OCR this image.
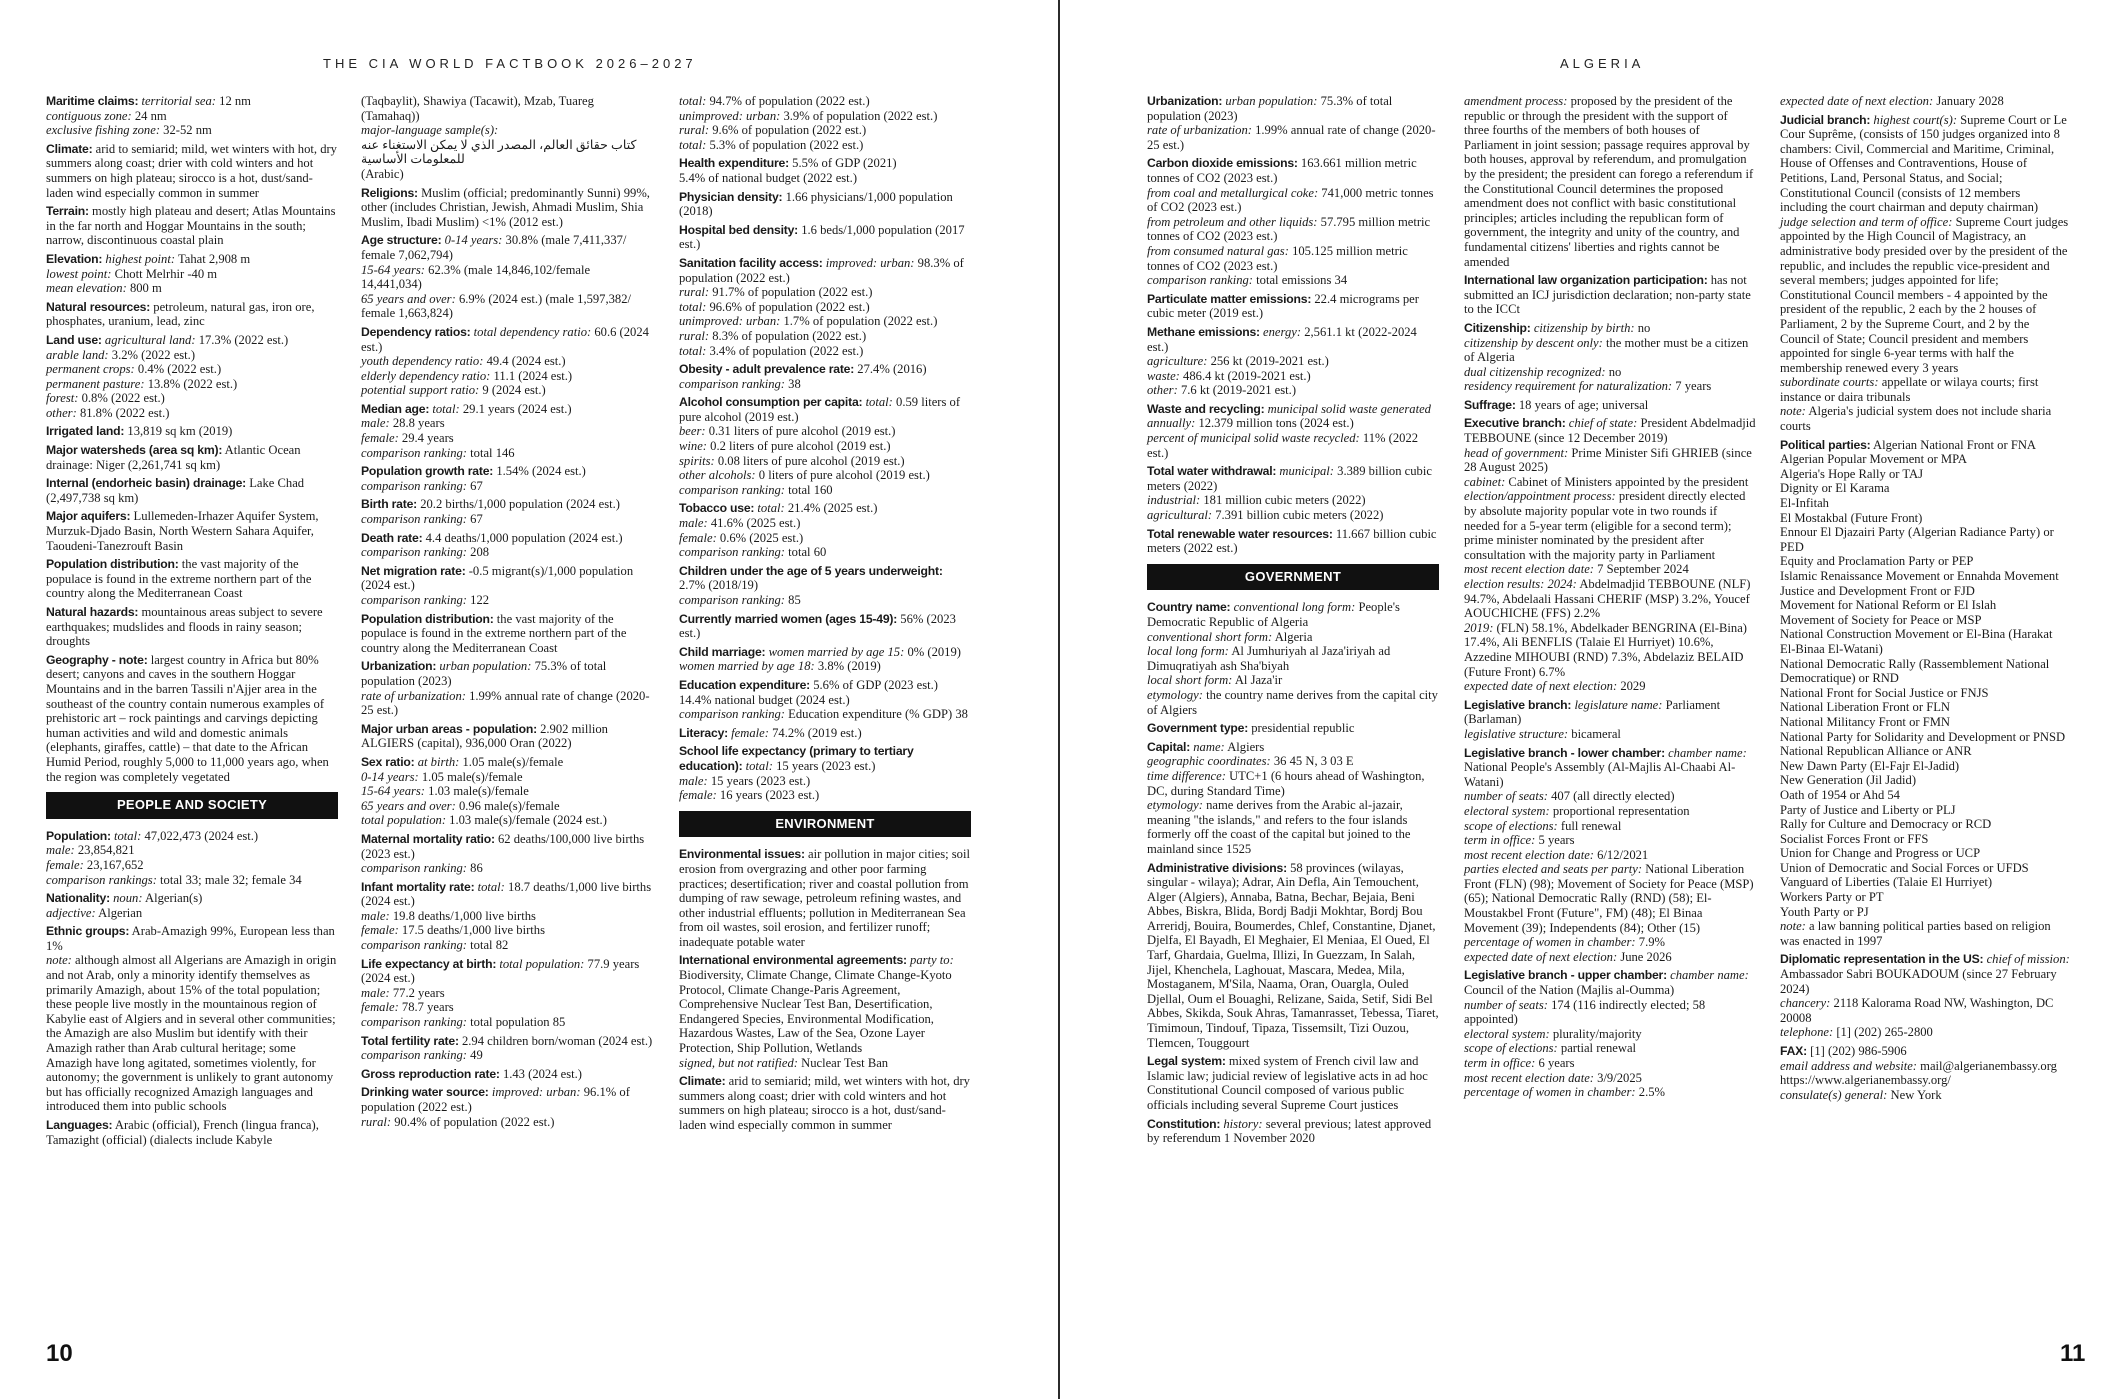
THE CIA WORLD FACTBOOK 2026–2027
Maritime claims: territorial sea: 12 nm
contiguous zone: 24 nm
exclusive fishing zone: 32-52 nm
Climate: arid to semiarid; mild, wet winters with hot, dry summers along coast; drier with cold winters and hot summers on high plateau; sirocco is a hot, dust/sand-laden wind especially common in summer
Terrain: mostly high plateau and desert; Atlas Mountains in the far north and Hoggar Mountains in the south; narrow, discontinuous coastal plain
Elevation: highest point: Tahat 2,908 m
lowest point: Chott Melrhir -40 m
mean elevation: 800 m
Natural resources: petroleum, natural gas, iron ore, phosphates, uranium, lead, zinc
Land use: agricultural land: 17.3% (2022 est.)
arable land: 3.2% (2022 est.)
permanent crops: 0.4% (2022 est.)
permanent pasture: 13.8% (2022 est.)
forest: 0.8% (2022 est.)
other: 81.8% (2022 est.)
Irrigated land: 13,819 sq km (2019)
Major watersheds (area sq km): Atlantic Ocean drainage: Niger (2,261,741 sq km)
Internal (endorheic basin) drainage: Lake Chad (2,497,738 sq km)
Major aquifers: Lullemeden-Irhazer Aquifer System, Murzuk-Djado Basin, North Western Sahara Aquifer, Taoudeni-Tanezrouft Basin
Population distribution: the vast majority of the populace is found in the extreme northern part of the country along the Mediterranean Coast
Natural hazards: mountainous areas subject to severe earthquakes; mudslides and floods in rainy season; droughts
Geography - note: largest country in Africa but 80% desert; canyons and caves in the southern Hoggar Mountains and in the barren Tassili n'Ajjer area in the southeast of the country contain numerous examples of prehistoric art – rock paintings and carvings depicting human activities and wild and domestic animals (elephants, giraffes, cattle) – that date to the African Humid Period, roughly 5,000 to 11,000 years ago, when the region was completely vegetated
PEOPLE AND SOCIETY
Population: total: 47,022,473 (2024 est.)
male: 23,854,821
female: 23,167,652
comparison rankings: total 33; male 32; female 34
Nationality: noun: Algerian(s)
adjective: Algerian
Ethnic groups: Arab-Amazigh 99%, European less than 1%
note: although almost all Algerians are Amazigh in origin and not Arab, only a minority identify themselves as primarily Amazigh, about 15% of the total population; these people live mostly in the mountainous region of Kabylie east of Algiers and in several other communities; the Amazigh are also Muslim but identify with their Amazigh rather than Arab cultural heritage; some Amazigh have long agitated, sometimes violently, for autonomy; the government is unlikely to grant autonomy but has officially recognized Amazigh languages and introduced them into public schools
Languages: Arabic (official), French (lingua franca), Tamazight (official) (dialects include Kabyle
(Taqbaylit), Shawiya (Tacawit), Mzab, Tuareg (Tamahaq))
major-language sample(s):
كتاب حقائق العالم، المصدر الذي لا يمكن الاستغناء عنه للمعلومات الأساسية
(Arabic)
Religions: Muslim (official; predominantly Sunni) 99%, other (includes Christian, Jewish, Ahmadi Muslim, Shia Muslim, Ibadi Muslim) <1% (2012 est.)
Age structure: 0-14 years: 30.8% (male 7,411,337/ female 7,062,794)
15-64 years: 62.3% (male 14,846,102/female 14,441,034)
65 years and over: 6.9% (2024 est.) (male 1,597,382/ female 1,663,824)
Dependency ratios: total dependency ratio: 60.6 (2024 est.)
youth dependency ratio: 49.4 (2024 est.)
elderly dependency ratio: 11.1 (2024 est.)
potential support ratio: 9 (2024 est.)
Median age: total: 29.1 years (2024 est.)
male: 28.8 years
female: 29.4 years
comparison ranking: total 146
Population growth rate: 1.54% (2024 est.)
comparison ranking: 67
Birth rate: 20.2 births/1,000 population (2024 est.)
comparison ranking: 67
Death rate: 4.4 deaths/1,000 population (2024 est.)
comparison ranking: 208
Net migration rate: -0.5 migrant(s)/1,000 population (2024 est.)
comparison ranking: 122
Population distribution: the vast majority of the populace is found in the extreme northern part of the country along the Mediterranean Coast
Urbanization: urban population: 75.3% of total population (2023)
rate of urbanization: 1.99% annual rate of change (2020-25 est.)
Major urban areas - population: 2.902 million ALGIERS (capital), 936,000 Oran (2022)
Sex ratio: at birth: 1.05 male(s)/female
0-14 years: 1.05 male(s)/female
15-64 years: 1.03 male(s)/female
65 years and over: 0.96 male(s)/female
total population: 1.03 male(s)/female (2024 est.)
Maternal mortality ratio: 62 deaths/100,000 live births (2023 est.)
comparison ranking: 86
Infant mortality rate: total: 18.7 deaths/1,000 live births (2024 est.)
male: 19.8 deaths/1,000 live births
female: 17.5 deaths/1,000 live births
comparison ranking: total 82
Life expectancy at birth: total population: 77.9 years (2024 est.)
male: 77.2 years
female: 78.7 years
comparison ranking: total population 85
Total fertility rate: 2.94 children born/woman (2024 est.)
comparison ranking: 49
Gross reproduction rate: 1.43 (2024 est.)
Drinking water source: improved: urban: 96.1% of population (2022 est.)
rural: 90.4% of population (2022 est.)
total: 94.7% of population (2022 est.)
unimproved: urban: 3.9% of population (2022 est.)
rural: 9.6% of population (2022 est.)
total: 5.3% of population (2022 est.)
Health expenditure: 5.5% of GDP (2021)
5.4% of national budget (2022 est.)
Physician density: 1.66 physicians/1,000 population (2018)
Hospital bed density: 1.6 beds/1,000 population (2017 est.)
Sanitation facility access: improved: urban: 98.3% of population (2022 est.)
rural: 91.7% of population (2022 est.)
total: 96.6% of population (2022 est.)
unimproved: urban: 1.7% of population (2022 est.)
rural: 8.3% of population (2022 est.)
total: 3.4% of population (2022 est.)
Obesity - adult prevalence rate: 27.4% (2016)
comparison ranking: 38
Alcohol consumption per capita: total: 0.59 liters of pure alcohol (2019 est.)
beer: 0.31 liters of pure alcohol (2019 est.)
wine: 0.2 liters of pure alcohol (2019 est.)
spirits: 0.08 liters of pure alcohol (2019 est.)
other alcohols: 0 liters of pure alcohol (2019 est.)
comparison ranking: total 160
Tobacco use: total: 21.4% (2025 est.)
male: 41.6% (2025 est.)
female: 0.6% (2025 est.)
comparison ranking: total 60
Children under the age of 5 years underweight: 2.7% (2018/19)
comparison ranking: 85
Currently married women (ages 15-49): 56% (2023 est.)
Child marriage: women married by age 15: 0% (2019)
women married by age 18: 3.8% (2019)
Education expenditure: 5.6% of GDP (2023 est.)
14.4% national budget (2024 est.)
comparison ranking: Education expenditure (% GDP) 38
Literacy: female: 74.2% (2019 est.)
School life expectancy (primary to tertiary education): total: 15 years (2023 est.)
male: 15 years (2023 est.)
female: 16 years (2023 est.)
ENVIRONMENT
Environmental issues: air pollution in major cities; soil erosion from overgrazing and other poor farming practices; desertification; river and coastal pollution from dumping of raw sewage, petroleum refining wastes, and other industrial effluents; pollution in Mediterranean Sea from oil wastes, soil erosion, and fertilizer runoff; inadequate potable water
International environmental agreements: party to: Biodiversity, Climate Change, Climate Change-Kyoto Protocol, Climate Change-Paris Agreement, Comprehensive Nuclear Test Ban, Desertification, Endangered Species, Environmental Modification, Hazardous Wastes, Law of the Sea, Ozone Layer Protection, Ship Pollution, Wetlands
signed, but not ratified: Nuclear Test Ban
Climate: arid to semiarid; mild, wet winters with hot, dry summers along coast; drier with cold winters and hot summers on high plateau; sirocco is a hot, dust/sand-laden wind especially common in summer
10
ALGERIA
Urbanization: urban population: 75.3% of total population (2023)
rate of urbanization: 1.99% annual rate of change (2020-25 est.)
Carbon dioxide emissions: 163.661 million metric tonnes of CO2 (2023 est.)
from coal and metallurgical coke: 741,000 metric tonnes of CO2 (2023 est.)
from petroleum and other liquids: 57.795 million metric tonnes of CO2 (2023 est.)
from consumed natural gas: 105.125 million metric tonnes of CO2 (2023 est.)
comparison ranking: total emissions 34
Particulate matter emissions: 22.4 micrograms per cubic meter (2019 est.)
Methane emissions: energy: 2,561.1 kt (2022-2024 est.)
agriculture: 256 kt (2019-2021 est.)
waste: 486.4 kt (2019-2021 est.)
other: 7.6 kt (2019-2021 est.)
Waste and recycling: municipal solid waste generated annually: 12.379 million tons (2024 est.)
percent of municipal solid waste recycled: 11% (2022 est.)
Total water withdrawal: municipal: 3.389 billion cubic meters (2022)
industrial: 181 million cubic meters (2022)
agricultural: 7.391 billion cubic meters (2022)
Total renewable water resources: 11.667 billion cubic meters (2022 est.)
GOVERNMENT
Country name: conventional long form: People's Democratic Republic of Algeria
conventional short form: Algeria
local long form: Al Jumhuriyah al Jaza'iriyah ad Dimuqratiyah ash Sha'biyah
local short form: Al Jaza'ir
etymology: the country name derives from the capital city of Algiers
Government type: presidential republic
Capital: name: Algiers
geographic coordinates: 36 45 N, 3 03 E
time difference: UTC+1 (6 hours ahead of Washington, DC, during Standard Time)
etymology: name derives from the Arabic al-jazair, meaning "the islands," and refers to the four islands formerly off the coast of the capital but joined to the mainland since 1525
Administrative divisions: 58 provinces (wilayas, singular - wilaya); Adrar, Ain Defla, Ain Temouchent, Alger (Algiers), Annaba, Batna, Bechar, Bejaia, Beni Abbes, Biskra, Blida, Bordj Badji Mokhtar, Bordj Bou Arreridj, Bouira, Boumerdes, Chlef, Constantine, Djanet, Djelfa, El Bayadh, El Meghaier, El Meniaa, El Oued, El Tarf, Ghardaia, Guelma, Illizi, In Guezzam, In Salah, Jijel, Khenchela, Laghouat, Mascara, Medea, Mila, Mostaganem, M'Sila, Naama, Oran, Ouargla, Ouled Djellal, Oum el Bouaghi, Relizane, Saida, Setif, Sidi Bel Abbes, Skikda, Souk Ahras, Tamanrasset, Tebessa, Tiaret, Timimoun, Tindouf, Tipaza, Tissemsilt, Tizi Ouzou, Tlemcen, Touggourt
Legal system: mixed system of French civil law and Islamic law; judicial review of legislative acts in ad hoc Constitutional Council composed of various public officials including several Supreme Court justices
Constitution: history: several previous; latest approved by referendum 1 November 2020
amendment process: proposed by the president of the republic or through the president with the support of three fourths of the members of both houses of Parliament in joint session; passage requires approval by both houses, approval by referendum, and promulgation by the president; the president can forego a referendum if the Constitutional Council determines the proposed amendment does not conflict with basic constitutional principles; articles including the republican form of government, the integrity and unity of the country, and fundamental citizens' liberties and rights cannot be amended
International law organization participation: has not submitted an ICJ jurisdiction declaration; non-party state to the ICCt
Citizenship: citizenship by birth: no
citizenship by descent only: the mother must be a citizen of Algeria
dual citizenship recognized: no
residency requirement for naturalization: 7 years
Suffrage: 18 years of age; universal
Executive branch: chief of state: President Abdelmadjid TEBBOUNE (since 12 December 2019)
head of government: Prime Minister Sifi GHRIEB (since 28 August 2025)
cabinet: Cabinet of Ministers appointed by the president
election/appointment process: president directly elected by absolute majority popular vote in two rounds if needed for a 5-year term (eligible for a second term); prime minister nominated by the president after consultation with the majority party in Parliament
most recent election date: 7 September 2024
election results: 2024: Abdelmadjid TEBBOUNE (NLF) 94.7%, Abdelaali Hassani CHERIF (MSP) 3.2%, Youcef AOUCHICHE (FFS) 2.2%
2019: (FLN) 58.1%, Abdelkader BENGRINA (El-Bina) 17.4%, Ali BENFLIS (Talaie El Hurriyet) 10.6%, Azzedine MIHOUBI (RND) 7.3%, Abdelaziz BELAID (Future Front) 6.7%
expected date of next election: 2029
Legislative branch: legislature name: Parliament (Barlaman)
legislative structure: bicameral
Legislative branch - lower chamber: chamber name: National People's Assembly (Al-Majlis Al-Chaabi Al-Watani)
number of seats: 407 (all directly elected)
electoral system: proportional representation
scope of elections: full renewal
term in office: 5 years
most recent election date: 6/12/2021
parties elected and seats per party: National Liberation Front (FLN) (98); Movement of Society for Peace (MSP) (65); National Democratic Rally (RND) (58); El-Moustakbel Front (Future", FM) (48); El Binaa Movement (39); Independents (84); Other (15)
percentage of women in chamber: 7.9%
expected date of next election: June 2026
Legislative branch - upper chamber: chamber name: Council of the Nation (Majlis al-Oumma)
number of seats: 174 (116 indirectly elected; 58 appointed)
electoral system: plurality/majority
scope of elections: partial renewal
term in office: 6 years
most recent election date: 3/9/2025
percentage of women in chamber: 2.5%
expected date of next election: January 2028
Judicial branch: highest court(s): Supreme Court or Le Cour Suprême, (consists of 150 judges organized into 8 chambers: Civil, Commercial and Maritime, Criminal, House of Offenses and Contraventions, House of Petitions, Land, Personal Status, and Social; Constitutional Council (consists of 12 members including the court chairman and deputy chairman)
judge selection and term of office: Supreme Court judges appointed by the High Council of Magistracy, an administrative body presided over by the president of the republic, and includes the republic vice-president and several members; judges appointed for life; Constitutional Council members - 4 appointed by the president of the republic, 2 each by the 2 houses of Parliament, 2 by the Supreme Court, and 2 by the Council of State; Council president and members appointed for single 6-year terms with half the membership renewed every 3 years
subordinate courts: appellate or wilaya courts; first instance or daira tribunals
note: Algeria's judicial system does not include sharia courts
Political parties: Algerian National Front or FNA
Algerian Popular Movement or MPA
Algeria's Hope Rally or TAJ
Dignity or El Karama
El-Infitah
El Mostakbal (Future Front)
Ennour El Djazairi Party (Algerian Radiance Party) or PED
Equity and Proclamation Party or PEP
Islamic Renaissance Movement or Ennahda Movement
Justice and Development Front or FJD
Movement for National Reform or El Islah
Movement of Society for Peace or MSP
National Construction Movement or El-Bina (Harakat El-Binaa El-Watani)
National Democratic Rally (Rassemblement National Democratique) or RND
National Front for Social Justice or FNJS
National Liberation Front or FLN
National Militancy Front or FMN
National Party for Solidarity and Development or PNSD
National Republican Alliance or ANR
New Dawn Party (El-Fajr El-Jadid)
New Generation (Jil Jadid)
Oath of 1954 or Ahd 54
Party of Justice and Liberty or PLJ
Rally for Culture and Democracy or RCD
Socialist Forces Front or FFS
Union for Change and Progress or UCP
Union of Democratic and Social Forces or UFDS
Vanguard of Liberties (Talaie El Hurriyet)
Workers Party or PT
Youth Party or PJ
note: a law banning political parties based on religion was enacted in 1997
Diplomatic representation in the US: chief of mission: Ambassador Sabri BOUKADOUM (since 27 February 2024)
chancery: 2118 Kalorama Road NW, Washington, DC 20008
telephone: [1] (202) 265-2800
FAX: [1] (202) 986-5906
email address and website: mail@algerianembassy.org
https://www.algerianembassy.org/
consulate(s) general: New York
11
